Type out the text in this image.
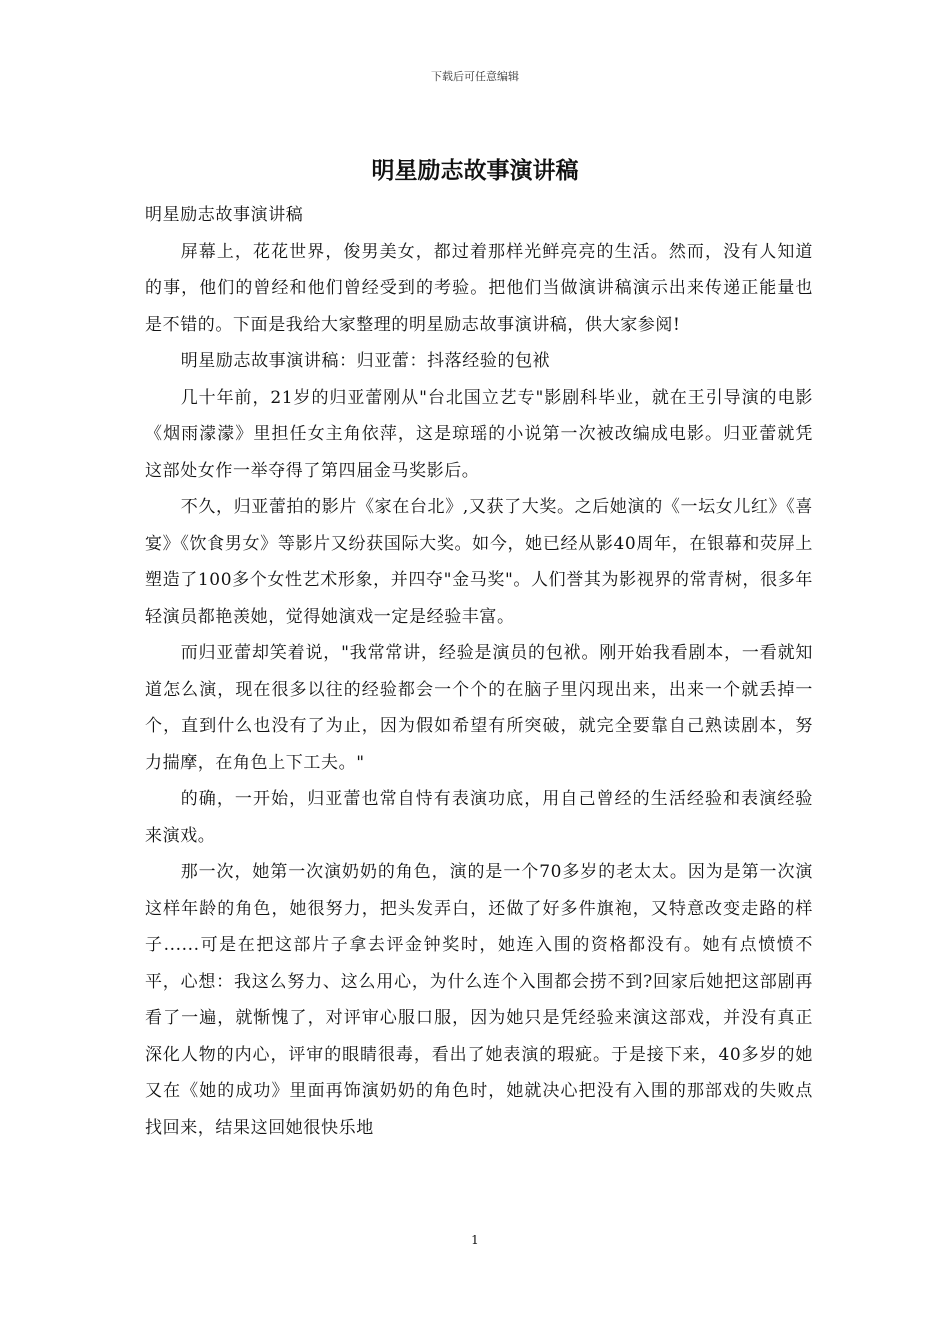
下载后可任意编辑
明星励志故事演讲稿

明星励志故事演讲稿

屏幕上，花花世界，俊男美女，都过着那样光鲜亮亮的生活。然而，没有人知道的事，他们的曾经和他们曾经受到的考验。把他们当做演讲稿演示出来传递正能量也是不错的。下面是我给大家整理的明星励志故事演讲稿，供大家参阅!

明星励志故事演讲稿：归亚蕾：抖落经验的包袱

几十年前，21岁的归亚蕾刚从"台北国立艺专"影剧科毕业，就在王引导演的电影《烟雨濛濛》里担任女主角依萍，这是琼瑶的小说第一次被改编成电影。归亚蕾就凭这部处女作一举夺得了第四届金马奖影后。

不久，归亚蕾拍的影片《家在台北》,又获了大奖。之后她演的《一坛女儿红》《喜宴》《饮食男女》等影片又纷获国际大奖。如今，她已经从影40周年，在银幕和荧屏上塑造了100多个女性艺术形象，并四夺"金马奖"。人们誉其为影视界的常青树，很多年轻演员都艳羡她，觉得她演戏一定是经验丰富。

而归亚蕾却笑着说，"我常常讲，经验是演员的包袱。刚开始我看剧本，一看就知道怎么演，现在很多以往的经验都会一个个的在脑子里闪现出来，出来一个就丢掉一个，直到什么也没有了为止，因为假如希望有所突破，就完全要靠自己熟读剧本，努力揣摩，在角色上下工夫。"

的确，一开始，归亚蕾也常自恃有表演功底，用自己曾经的生活经验和表演经验来演戏。

那一次，她第一次演奶奶的角色，演的是一个70多岁的老太太。因为是第一次演这样年龄的角色，她很努力，把头发弄白，还做了好多件旗袍，又特意改变走路的样子......可是在把这部片子拿去评金钟奖时，她连入围的资格都没有。她有点愤愤不平，心想：我这么努力、这么用心，为什么连个入围都会捞不到?回家后她把这部剧再看了一遍，就惭愧了，对评审心服口服，因为她只是凭经验来演这部戏，并没有真正深化人物的内心，评审的眼睛很毒，看出了她表演的瑕疵。于是接下来，40多岁的她又在《她的成功》里面再饰演奶奶的角色时，她就决心把没有入围的那部戏的失败点找回来，结果这回她很快乐地

1
